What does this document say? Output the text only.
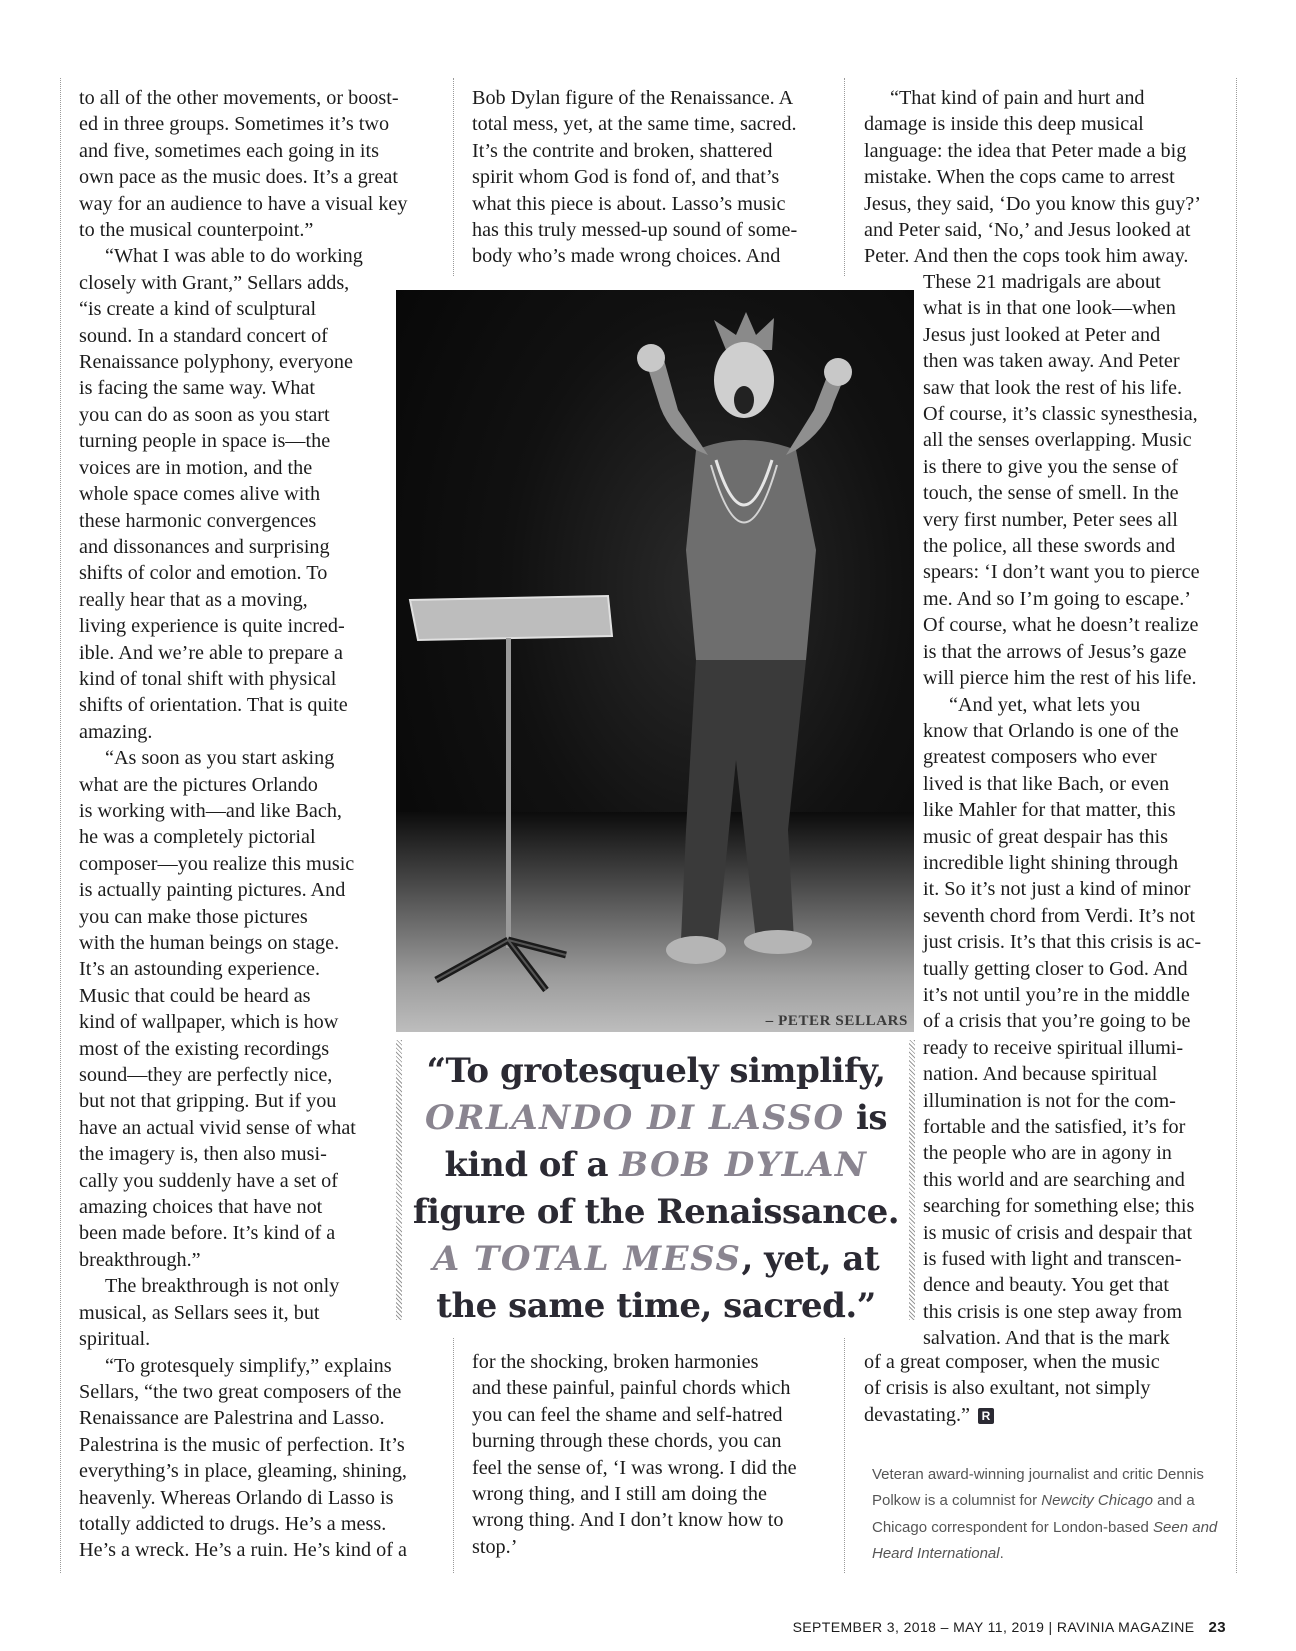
to all of the other movements, or boost-
ed in three groups. Sometimes it’s two
and five, sometimes each going in its
own pace as the music does. It’s a great
way for an audience to have a visual key
to the musical counterpoint.”

“What I was able to do working
closely with Grant,” Sellars adds,
“is create a kind of sculptural
sound. In a standard concert of
Renaissance polyphony, everyone
is facing the same way. What
you can do as soon as you start
turning people in space is—the
voices are in motion, and the
whole space comes alive with
these harmonic convergences
and dissonances and surprising
shifts of color and emotion. To
really hear that as a moving,
living experience is quite incred-
ible. And we’re able to prepare a
kind of tonal shift with physical
shifts of orientation. That is quite
amazing.

“As soon as you start asking
what are the pictures Orlando
is working with—and like Bach,
he was a completely pictorial
composer—you realize this music
is actually painting pictures. And
you can make those pictures
with the human beings on stage.
It’s an astounding experience.
Music that could be heard as
kind of wallpaper, which is how
most of the existing recordings
sound—they are perfectly nice,
but not that gripping. But if you
have an actual vivid sense of what
the imagery is, then also musi-
cally you suddenly have a set of
amazing choices that have not
been made before. It’s kind of a
breakthrough.”

The breakthrough is not only
musical, as Sellars sees it, but
spiritual.

“To grotesquely simplify,” explains
Sellars, “the two great composers of the
Renaissance are Palestrina and Lasso.
Palestrina is the music of perfection. It’s
everything’s in place, gleaming, shining,
heavenly. Whereas Orlando di Lasso is
totally addicted to drugs. He’s a mess.
He’s a wreck. He’s a ruin. He’s kind of a

Bob Dylan figure of the Renaissance. A
total mess, yet, at the same time, sacred.
It’s the contrite and broken, shattered
spirit whom God is fond of, and that’s
what this piece is about. Lasso’s music
has this truly messed-up sound of some-
body who’s made wrong choices. And

– PETER SELLARS
“To grotesquely simplify,
ORLANDO DI LASSO is
kind of a BOB DYLAN
figure of the Renaissance.
A TOTAL MESS, yet, at
the same time, sacred.”

for the shocking, broken harmonies
and these painful, painful chords which
you can feel the shame and self-hatred
burning through these chords, you can
feel the sense of, ‘I was wrong. I did the
wrong thing, and I still am doing the
wrong thing. And I don’t know how to
stop.’

“That kind of pain and hurt and
damage is inside this deep musical
language: the idea that Peter made a big
mistake. When the cops came to arrest
Jesus, they said, ‘Do you know this guy?’
and Peter said, ‘No,’ and Jesus looked at
Peter. And then the cops took him away.

These 21 madrigals are about
what is in that one look—when
Jesus just looked at Peter and
then was taken away. And Peter
saw that look the rest of his life.
Of course, it’s classic synesthesia,
all the senses overlapping. Music
is there to give you the sense of
touch, the sense of smell. In the
very first number, Peter sees all
the police, all these swords and
spears: ‘I don’t want you to pierce
me. And so I’m going to escape.’
Of course, what he doesn’t realize
is that the arrows of Jesus’s gaze
will pierce him the rest of his life.

“And yet, what lets you
know that Orlando is one of the
greatest composers who ever
lived is that like Bach, or even
like Mahler for that matter, this
music of great despair has this
incredible light shining through
it. So it’s not just a kind of minor
seventh chord from Verdi. It’s not
just crisis. It’s that this crisis is ac-
tually getting closer to God. And
it’s not until you’re in the middle
of a crisis that you’re going to be
ready to receive spiritual illumi-
nation. And because spiritual
illumination is not for the com-
fortable and the satisfied, it’s for
the people who are in agony in
this world and are searching and
searching for something else; this
is music of crisis and despair that
is fused with light and transcen-
dence and beauty. You get that
this crisis is one step away from
salvation. And that is the mark

of a great composer, when the music
of crisis is also exultant, not simply

devastating.” R
Veteran award-winning journalist and critic Dennis
Polkow is a columnist for Newcity Chicago and a
Chicago correspondent for London-based Seen and
Heard International.
SEPTEMBER 3, 2018 – MAY 11, 2019 | RAVINIA MAGAZINE 23
